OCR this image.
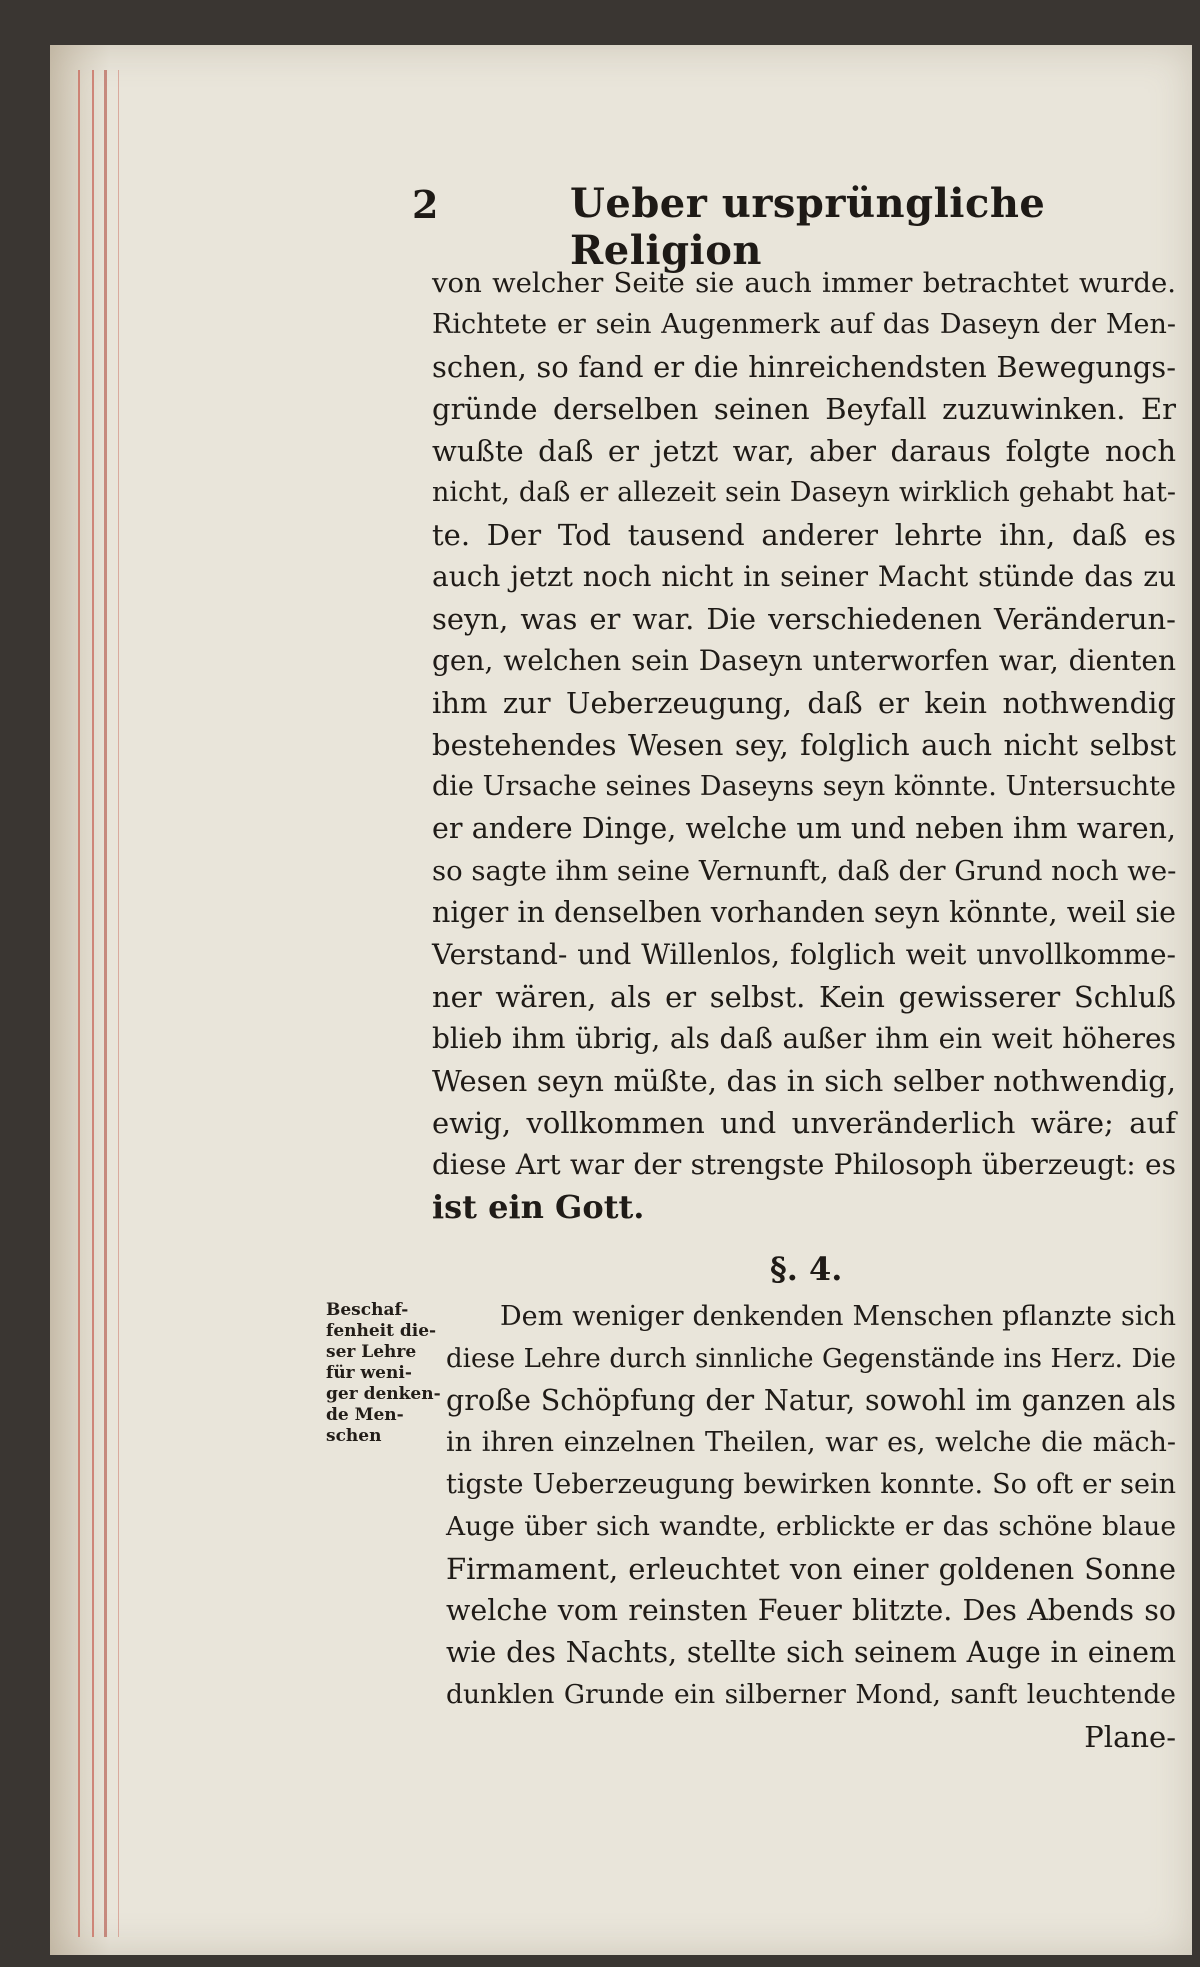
2	Ueber ursprüngliche Religion
von welcher Seite sie auch immer betrachtet wurde.
Richtete er sein Augenmerk auf das Daseyn der Men-
schen, so fand er die hinreichendsten Bewegungs-
gründe derselben seinen Beyfall zuzuwinken. Er
wußte daß er jetzt war, aber daraus folgte noch
nicht, daß er allezeit sein Daseyn wirklich gehabt hat-
te. Der Tod tausend anderer lehrte ihn, daß es
auch jetzt noch nicht in seiner Macht stünde das zu
seyn, was er war. Die verschiedenen Veränderun-
gen, welchen sein Daseyn unterworfen war, dienten
ihm zur Ueberzeugung, daß er kein nothwendig
bestehendes Wesen sey, folglich auch nicht selbst
die Ursache seines Daseyns seyn könnte. Untersuchte
er andere Dinge, welche um und neben ihm waren,
so sagte ihm seine Vernunft, daß der Grund noch we-
niger in denselben vorhanden seyn könnte, weil sie
Verstand- und Willenlos, folglich weit unvollkomme-
ner wären, als er selbst. Kein gewisserer Schluß
blieb ihm übrig, als daß außer ihm ein weit höheres
Wesen seyn müßte, das in sich selber nothwendig,
ewig, vollkommen und unveränderlich wäre; auf
diese Art war der strengste Philosoph überzeugt: es
ist ein Gott.
§. 4.
Beschaf-
fenheit die-
ser Lehre
für weni-
ger denken-
de Men-
schen
Dem weniger denkenden Menschen pflanzte sich
diese Lehre durch sinnliche Gegenstände ins Herz. Die
große Schöpfung der Natur, sowohl im ganzen als
in ihren einzelnen Theilen, war es, welche die mäch-
tigste Ueberzeugung bewirken konnte. So oft er sein
Auge über sich wandte, erblickte er das schöne blaue
Firmament, erleuchtet von einer goldenen Sonne
welche vom reinsten Feuer blitzte. Des Abends so
wie des Nachts, stellte sich seinem Auge in einem
dunklen Grunde ein silberner Mond, sanft leuchtende
Plane-
